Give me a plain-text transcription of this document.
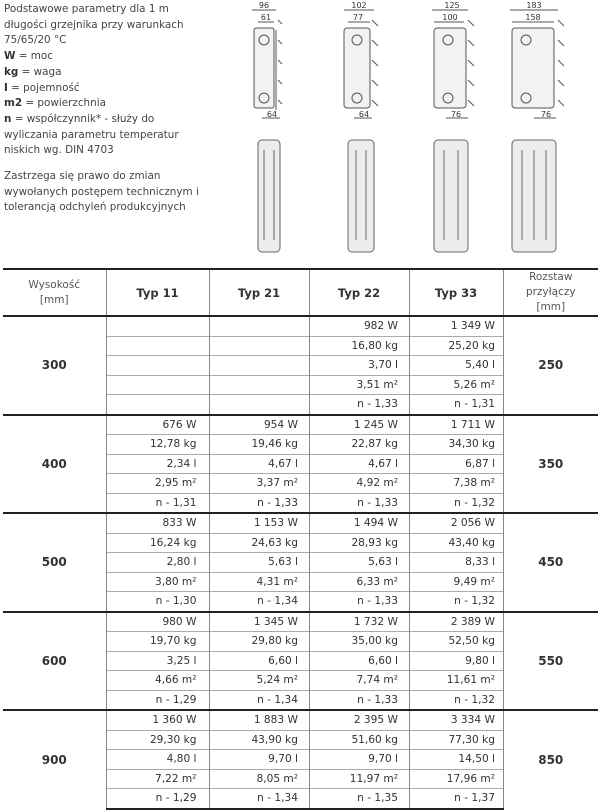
Podstawowe parametry dla 1 m
długości grzejnika przy warunkach
75/65/20 °C
W = moc
kg = waga
I = pojemność
m2 = powierzchnia
n = współczynnik* - służy do
wyliczania parametru temperatur
niskich wg. DIN 4703
Zastrzega się prawo do zmian
wywołanych postępem technicznym i
tolerancją odchyleń produkcyjnych
96
61
64
102
77
64
125
100
76
183
158
76
Wysokość
[mm]	Typ 11	Typ 21	Typ 22	Typ 33	Rozstaw przyłączy
[mm]
300			982 W	1 349 W	250
			16,80 kg	25,20 kg	
			3,70 l	5,40 l	
			3,51 m²	5,26 m²	
			n - 1,33	n - 1,31	
400	676 W	954 W	1 245 W	1 711 W	350
	12,78 kg	19,46 kg	22,87 kg	34,30 kg	
	2,34 l	4,67 l	4,67 l	6,87 l	
	2,95 m²	3,37 m²	4,92 m²	7,38 m²	
	n - 1,31	n - 1,33	n - 1,33	n - 1,32	
500	833 W	1 153 W	1 494 W	2 056 W	450
	16,24 kg	24,63 kg	28,93 kg	43,40 kg	
	2,80 l	5,63 l	5,63 l	8,33 l	
	3,80 m²	4,31 m²	6,33 m²	9,49 m²	
	n - 1,30	n - 1,34	n - 1,33	n - 1,32	
600	980 W	1 345 W	1 732 W	2 389 W	550
	19,70 kg	29,80 kg	35,00 kg	52,50 kg	
	3,25 l	6,60 l	6,60 l	9,80 l	
	4,66 m²	5,24 m²	7,74 m²	11,61 m²	
	n - 1,29	n - 1,34	n - 1,33	n - 1,32	
900	1 360 W	1 883 W	2 395 W	3 334 W	850
	29,30 kg	43,90 kg	51,60 kg	77,30 kg	
	4,80 l	9,70 l	9,70 l	14,50 l	
	7,22 m²	8,05 m²	11,97 m²	17,96 m²	
	n - 1,29	n - 1,34	n - 1,35	n - 1,37	
